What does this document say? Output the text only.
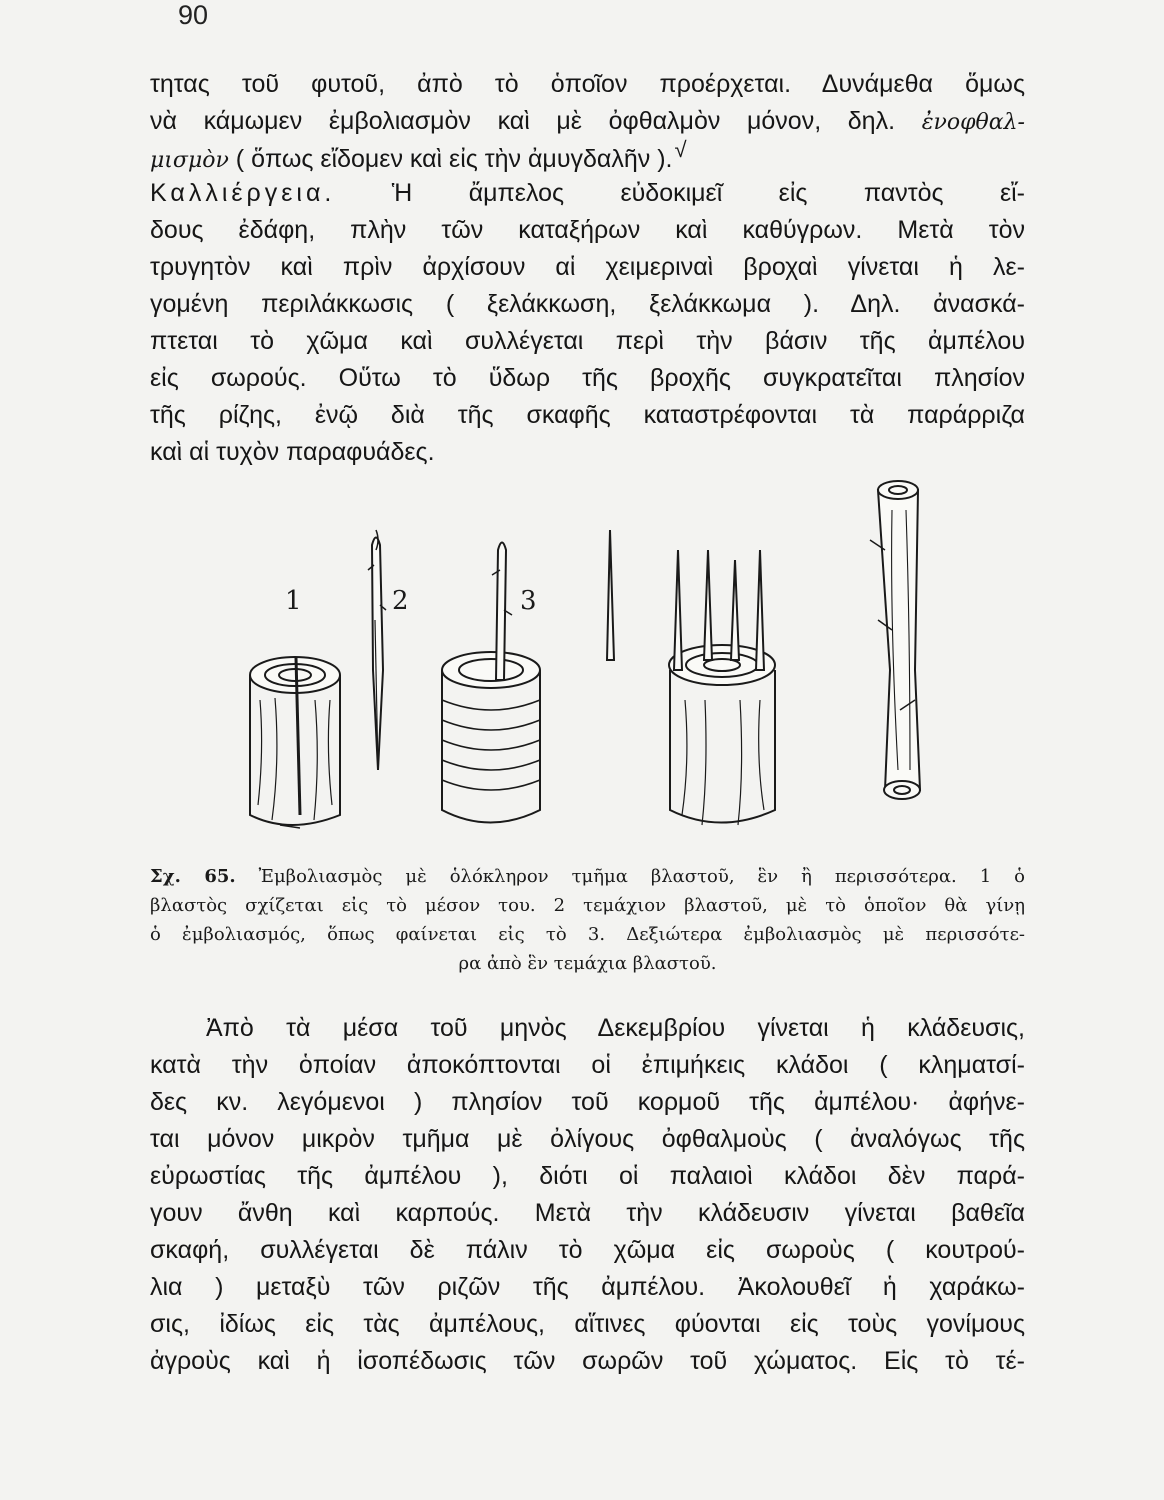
90
τητας τοῦ φυτοῦ, ἀπὸ τὸ ὁποῖον προέρχεται. Δυνάμεθα ὅμως
νὰ κάμωμεν ἐμβολιασμὸν καὶ μὲ ὀφθαλμὸν μόνον, δηλ. ἐνοφθαλ-
μισμὸν ( ὅπως εἴδομεν καὶ εἰς τὴν ἀμυγδαλῆν ).√
Καλλιέργεια. Ἡ ἄμπελος εὐδοκιμεῖ εἰς παντὸς εἴ-
δους ἐδάφη, πλὴν τῶν καταξήρων καὶ καθύγρων. Μετὰ τὸν
τρυγητὸν καὶ πρὶν ἀρχίσουν αἱ χειμεριναὶ βροχαὶ γίνεται ἡ λε-
γομένη περιλάκκωσις ( ξελάκκωση, ξελάκκωμα ). Δηλ. ἀνασκά-
πτεται τὸ χῶμα καὶ συλλέγεται περὶ τὴν βάσιν τῆς ἀμπέλου
εἰς σωρούς. Οὕτω τὸ ὕδωρ τῆς βροχῆς συγκρατεῖται πλησίον
τῆς ρίζης, ἐνῷ διὰ τῆς σκαφῆς καταστρέφονται τὰ παράρριζα
καὶ αἱ τυχὸν παραφυάδες.
1	2	3
Σχ. 65. Ἐμβολιασμὸς μὲ ὁλόκληρον τμῆμα βλαστοῦ, ἓν ἢ περισσότερα. 1 ὁ
βλαστὸς σχίζεται εἰς τὸ μέσον του. 2 τεμάχιον βλαστοῦ, μὲ τὸ ὁποῖον θὰ γίνῃ
ὁ ἐμβολιασμός, ὅπως φαίνεται εἰς τὸ 3. Δεξιώτερα ἐμβολιασμὸς μὲ περισσότε-
ρα ἀπὸ ἓν τεμάχια βλαστοῦ.
Ἀπὸ τὰ μέσα τοῦ μηνὸς Δεκεμβρίου γίνεται ἡ κλάδευσις,
κατὰ τὴν ὁποίαν ἀποκόπτονται οἱ ἐπιμήκεις κλάδοι ( κληματσί-
δες κν. λεγόμενοι ) πλησίον τοῦ κορμοῦ τῆς ἀμπέλου· ἀφήνε-
ται μόνον μικρὸν τμῆμα μὲ ὀλίγους ὀφθαλμοὺς ( ἀναλόγως τῆς
εὐρωστίας τῆς ἀμπέλου ), διότι οἱ παλαιοὶ κλάδοι δὲν παρά-
γουν ἄνθη καὶ καρπούς. Μετὰ τὴν κλάδευσιν γίνεται βαθεῖα
σκαφή, συλλέγεται δὲ πάλιν τὸ χῶμα εἰς σωροὺς ( κουτρού-
λια ) μεταξὺ τῶν ριζῶν τῆς ἀμπέλου. Ἀκολουθεῖ ἡ χαράκω-
σις, ἰδίως εἰς τὰς ἀμπέλους, αἵτινες φύονται εἰς τοὺς γονίμους
ἀγροὺς καὶ ἡ ἰσοπέδωσις τῶν σωρῶν τοῦ χώματος. Εἰς τὸ τέ-
